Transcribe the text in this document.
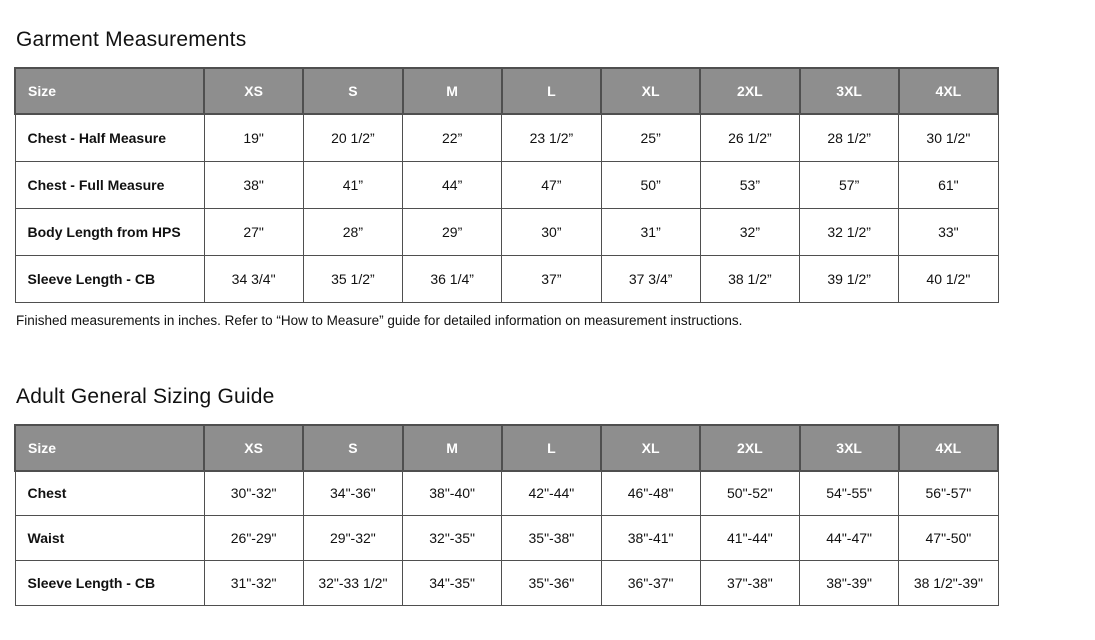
Garment Measurements
Size	XS	S	M	L	XL	2XL	3XL	4XL
Chest - Half Measure	19"	20 1/2”	22”	23 1/2”	25”	26 1/2”	28 1/2”	30 1/2"
Chest - Full Measure	38"	41”	44”	47”	50”	53”	57”	61"
Body Length from HPS	27"	28”	29”	30”	31”	32”	32 1/2”	33"
Sleeve Length - CB	34 3/4"	35 1/2”	36 1/4”	37”	37 3/4”	38 1/2”	39 1/2”	40 1/2"

Finished measurements in inches. Refer to “How to Measure” guide for detailed information on measurement instructions.

Adult General Sizing Guide
Size	XS	S	M	L	XL	2XL	3XL	4XL
Chest	30"-32"	34"-36"	38"-40"	42"-44"	46"-48"	50"-52"	54"-55"	56"-57"
Waist	26"-29"	29"-32"	32"-35"	35"-38"	38"-41"	41"-44"	44"-47"	47"-50"
Sleeve Length - CB	31"-32"	32"-33 1/2"	34"-35"	35"-36"	36"-37"	37"-38"	38"-39"	38 1/2"-39"
